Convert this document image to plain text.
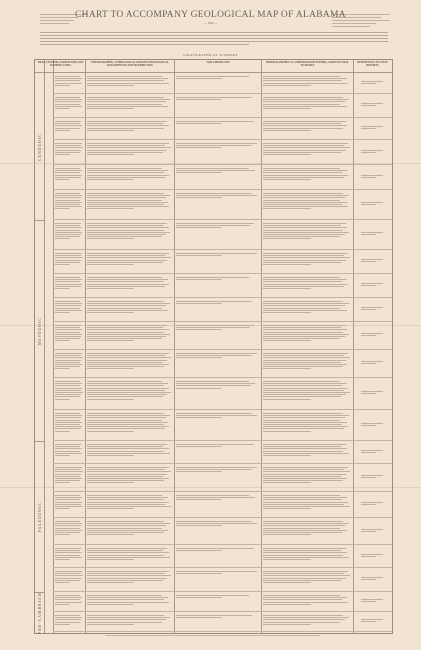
CHART TO ACCOMPANY GEOLOGICAL MAP OF ALABAMA
— 1926 —
STRATIGRAPHICAL SUMMARY
ERAS, SYSTEMS, FORMATIONS AND MAPPING UNITS
PHYSIOGRAPHIC, LITHOLOGICAL AND PALEONTOLOGICAL DESCRIPTIONS AND DISTRIBUTION
SOILS PRODUCED	MINERAL PRODUCTS, UNDERGROUND WATERS, AGRICULTURAL FEATURES
REFERENCES TO STATE REPORTS
CENOZOIC
MESOZOIC
PALEOZOIC
PRE-CAMBRIAN
